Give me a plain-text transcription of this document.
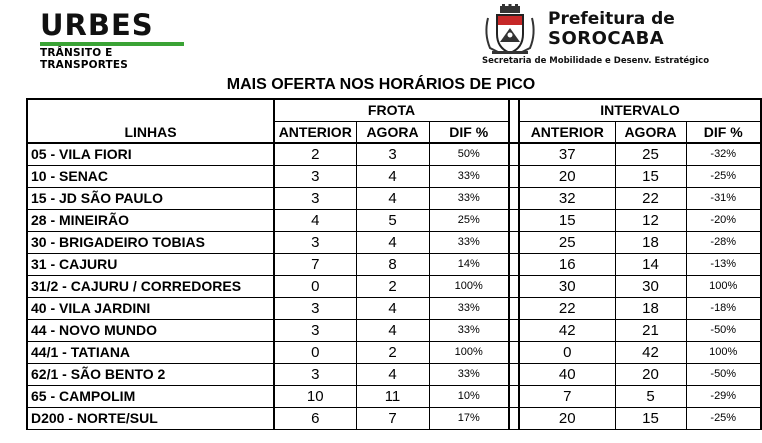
URBES
TRÂNSITO E TRANSPORTES
Prefeitura de
SOROCABA
Secretaria de Mobilidade e Desenv. Estratégico
MAIS OFERTA NOS HORÁRIOS DE PICO
	FROTA				INTERVALO		
LINHAS	ANTERIOR	AGORA	DIF %		ANTERIOR	AGORA	DIF %
05 - VILA FIORI	2	3	50%		37	25	-32%
10 - SENAC	3	4	33%		20	15	-25%
15 - JD SÃO PAULO	3	4	33%		32	22	-31%
28 - MINEIRÃO	4	5	25%		15	12	-20%
30 - BRIGADEIRO TOBIAS	3	4	33%		25	18	-28%
31 - CAJURU	7	8	14%		16	14	-13%
31/2 - CAJURU / CORREDORES	0	2	100%		30	30	100%
40 - VILA JARDINI	3	4	33%		22	18	-18%
44 - NOVO MUNDO	3	4	33%		42	21	-50%
44/1 - TATIANA	0	2	100%		0	42	100%
62/1 - SÃO BENTO 2	3	4	33%		40	20	-50%
65 - CAMPOLIM	10	11	10%		7	5	-29%
D200 - NORTE/SUL	6	7	17%		20	15	-25%
